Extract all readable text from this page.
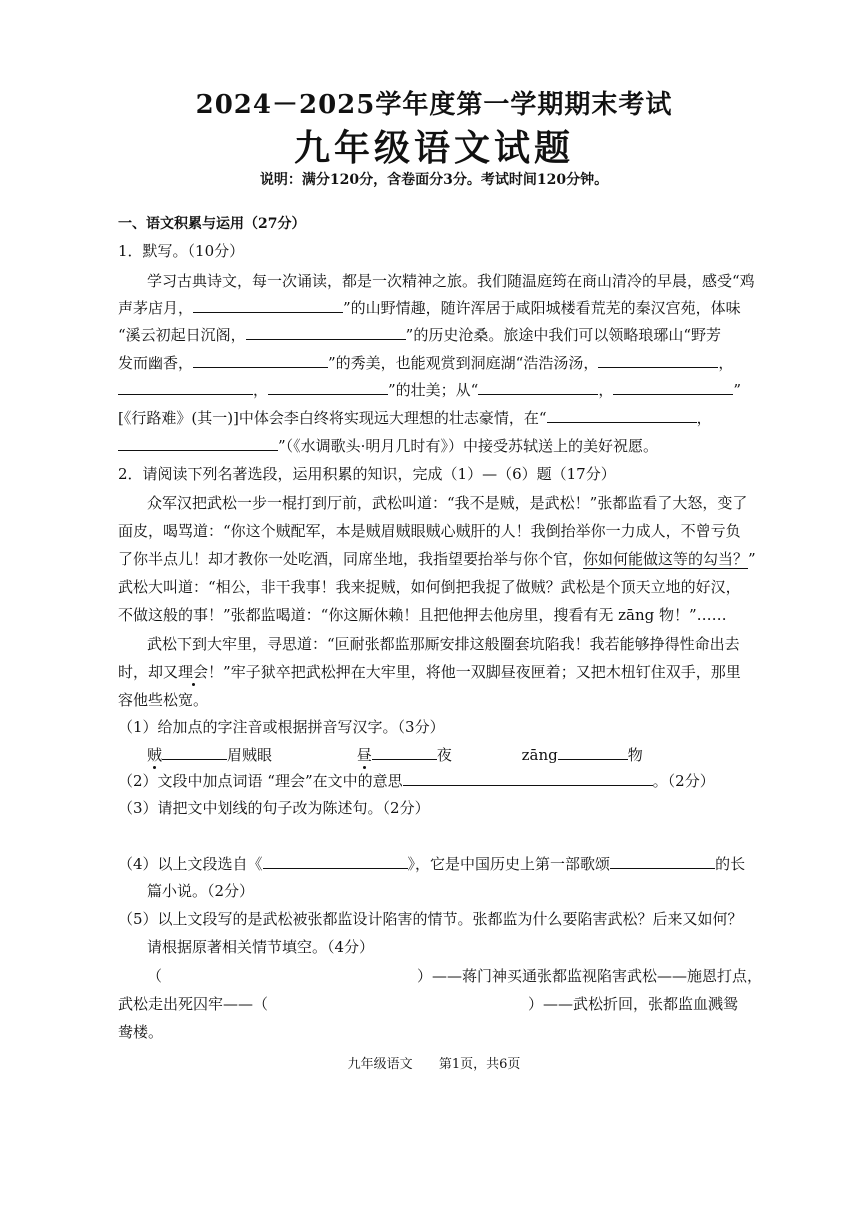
2024－2025学年度第一学期期末考试
九年级语文试题
说明：满分120分，含卷面分3分。考试时间120分钟。
一、语文积累与运用（27分）
1．默写。（10分）
学习古典诗文，每一次诵读，都是一次精神之旅。我们随温庭筠在商山清冷的早晨，感受“鸡
声茅店月，	”的山野情趣，随许浑居于咸阳城楼看荒芜的秦汉宫苑，体味
“溪云初起日沉阁，	”的历史沧桑。旅途中我们可以领略琅琊山“野芳
发而幽香，	”的秀美，也能观赏到洞庭湖“浩浩汤汤，	，
，	”的壮美；从“	，	”
[《行路难》(其一)]中体会李白终将实现远大理想的壮志豪情，在“	，
”（《水调歌头·明月几时有》）中接受苏轼送上的美好祝愿。
2．请阅读下列名著选段，运用积累的知识，完成（1）—（6）题（17分）
众军汉把武松一步一棍打到厅前，武松叫道：“我不是贼，是武松！”张都监看了大怒，变了
面皮，喝骂道：“你这个贼配军，本是贼眉贼眼贼心贼肝的人！我倒抬举你一力成人，不曾亏负
了你半点儿！却才教你一处吃酒，同席坐地，我指望要抬举与你个官，你如何能做这等的勾当？”
武松大叫道：“相公，非干我事！我来捉贼，如何倒把我捉了做贼？武松是个顶天立地的好汉，
不做这般的事！”张都监喝道：“你这厮休赖！且把他押去他房里，搜看有无 zāng 物！”……
武松下到大牢里，寻思道：“叵耐张都监那厮安排这般圈套坑陷我！我若能够挣得性命出去
时，却又理会！”牢子狱卒把武松押在大牢里，将他一双脚昼夜匣着；又把木杻钉住双手，那里
容他些松宽。
（1）给加点的字注音或根据拼音写汉字。（3分）
贼	眉贼眼	昼	夜	zāng	物
（2）文段中加点词语 “理会”在文中的意思	。（2分）
（3）请把文中划线的句子改为陈述句。（2分）
（4）以上文段选自《	》，它是中国历史上第一部歌颂	的长
篇小说。（2分）
（5）以上文段写的是武松被张都监设计陷害的情节。张都监为什么要陷害武松？后来又如何？
请根据原著相关情节填空。（4分）
（	）——蒋门神买通张都监视陷害武松——施恩打点，
武松走出死囚牢——（	）——武松折回，张都监血溅鸳
鸯楼。
九年级语文 第1页，共6页
